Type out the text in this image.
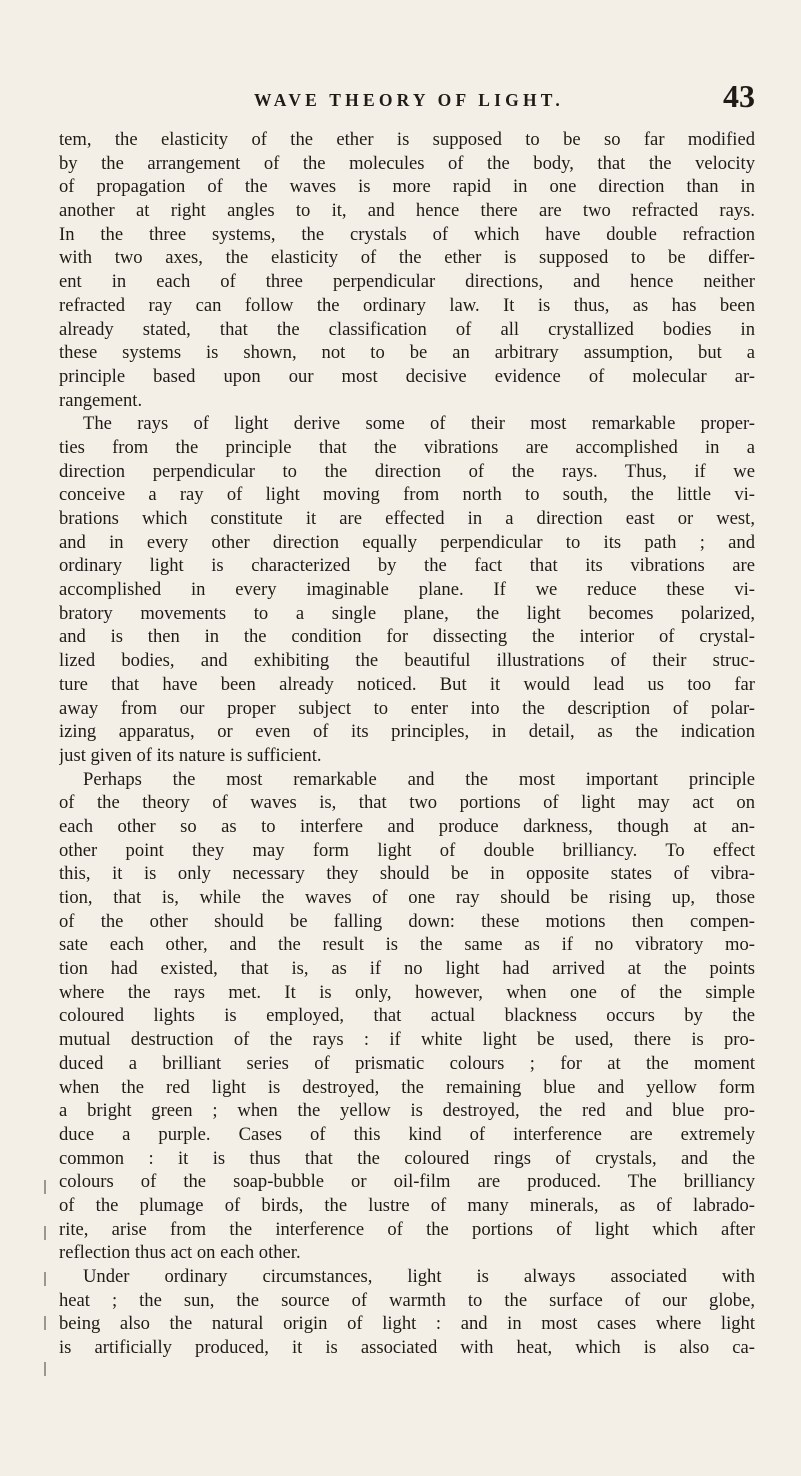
WAVE THEORY OF LIGHT.	43
tem, the elasticity of the ether is supposed to be so far modified
by the arrangement of the molecules of the body, that the velocity
of propagation of the waves is more rapid in one direction than in
another at right angles to it, and hence there are two refracted rays.
In the three systems, the crystals of which have double refraction
with two axes, the elasticity of the ether is supposed to be differ-
ent in each of three perpendicular directions, and hence neither
refracted ray can follow the ordinary law. It is thus, as has been
already stated, that the classification of all crystallized bodies in
these systems is shown, not to be an arbitrary assumption, but a
principle based upon our most decisive evidence of molecular ar-
rangement.
The rays of light derive some of their most remarkable proper-
ties from the principle that the vibrations are accomplished in a
direction perpendicular to the direction of the rays. Thus, if we
conceive a ray of light moving from north to south, the little vi-
brations which constitute it are effected in a direction east or west,
and in every other direction equally perpendicular to its path ; and
ordinary light is characterized by the fact that its vibrations are
accomplished in every imaginable plane. If we reduce these vi-
bratory movements to a single plane, the light becomes polarized,
and is then in the condition for dissecting the interior of crystal-
lized bodies, and exhibiting the beautiful illustrations of their struc-
ture that have been already noticed. But it would lead us too far
away from our proper subject to enter into the description of polar-
izing apparatus, or even of its principles, in detail, as the indication
just given of its nature is sufficient.
Perhaps the most remarkable and the most important principle
of the theory of waves is, that two portions of light may act on
each other so as to interfere and produce darkness, though at an-
other point they may form light of double brilliancy. To effect
this, it is only necessary they should be in opposite states of vibra-
tion, that is, while the waves of one ray should be rising up, those
of the other should be falling down: these motions then compen-
sate each other, and the result is the same as if no vibratory mo-
tion had existed, that is, as if no light had arrived at the points
where the rays met. It is only, however, when one of the simple
coloured lights is employed, that actual blackness occurs by the
mutual destruction of the rays : if white light be used, there is pro-
duced a brilliant series of prismatic colours ; for at the moment
when the red light is destroyed, the remaining blue and yellow form
a bright green ; when the yellow is destroyed, the red and blue pro-
duce a purple. Cases of this kind of interference are extremely
common : it is thus that the coloured rings of crystals, and the
colours of the soap-bubble or oil-film are produced. The brilliancy
of the plumage of birds, the lustre of many minerals, as of labrado-
rite, arise from the interference of the portions of light which after
reflection thus act on each other.
Under ordinary circumstances, light is always associated with
heat ; the sun, the source of warmth to the surface of our globe,
being also the natural origin of light : and in most cases where light
is artificially produced, it is associated with heat, which is also ca-
